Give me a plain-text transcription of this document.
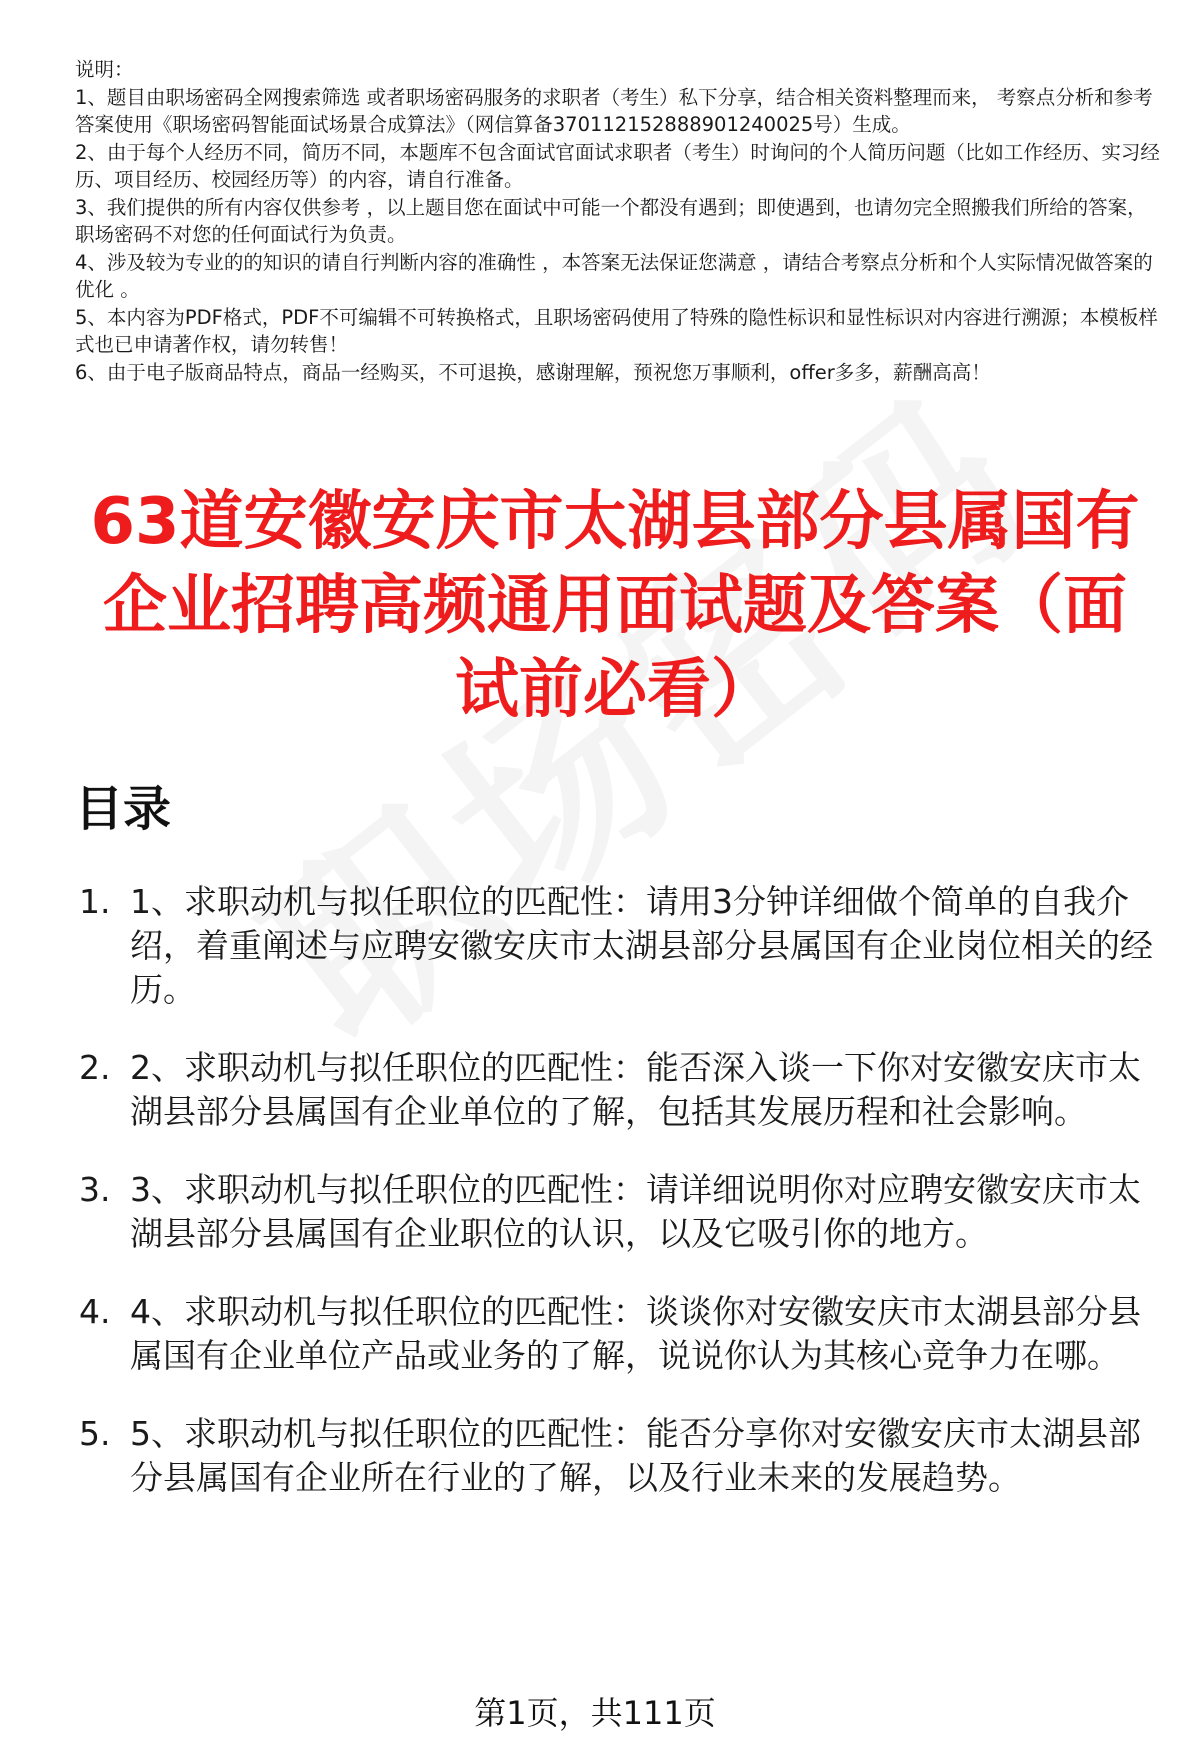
说明：

1、题目由职场密码全网搜索筛选 或者职场密码服务的求职者（考生）私下分享，结合相关资料整理而来， 考察点分析和参考答案使用《职场密码智能面试场景合成算法》（网信算备370112152888901240025号）生成。

2、由于每个人经历不同，简历不同，本题库不包含面试官面试求职者（考生）时询问的个人简历问题（比如工作经历、实习经历、项目经历、校园经历等）的内容，请自行准备。

3、我们提供的所有内容仅供参考 ，以上题目您在面试中可能一个都没有遇到；即使遇到，也请勿完全照搬我们所给的答案，职场密码不对您的任何面试行为负责。

4、涉及较为专业的的知识的请自行判断内容的准确性 ，本答案无法保证您满意 ，请结合考察点分析和个人实际情况做答案的优化 。

5、本内容为PDF格式，PDF不可编辑不可转换格式，且职场密码使用了特殊的隐性标识和显性标识对内容进行溯源；本模板样式也已申请著作权，请勿转售！

6、由于电子版商品特点，商品一经购买，不可退换，感谢理解，预祝您万事顺利，offer多多，薪酬高高！

63道安徽安庆市太湖县部分县属国有企业招聘高频通用面试题及答案（面试前必看）
目录
1. 1、求职动机与拟任职位的匹配性：请用3分钟详细做个简单的自我介绍，着重阐述与应聘安徽安庆市太湖县部分县属国有企业岗位相关的经历。
2. 2、求职动机与拟任职位的匹配性：能否深入谈一下你对安徽安庆市太湖县部分县属国有企业单位的了解，包括其发展历程和社会影响。
3. 3、求职动机与拟任职位的匹配性：请详细说明你对应聘安徽安庆市太湖县部分县属国有企业职位的认识，以及它吸引你的地方。
4. 4、求职动机与拟任职位的匹配性：谈谈你对安徽安庆市太湖县部分县属国有企业单位产品或业务的了解，说说你认为其核心竞争力在哪。
5. 5、求职动机与拟任职位的匹配性：能否分享你对安徽安庆市太湖县部分县属国有企业所在行业的了解，以及行业未来的发展趋势。
第1页，共111页
